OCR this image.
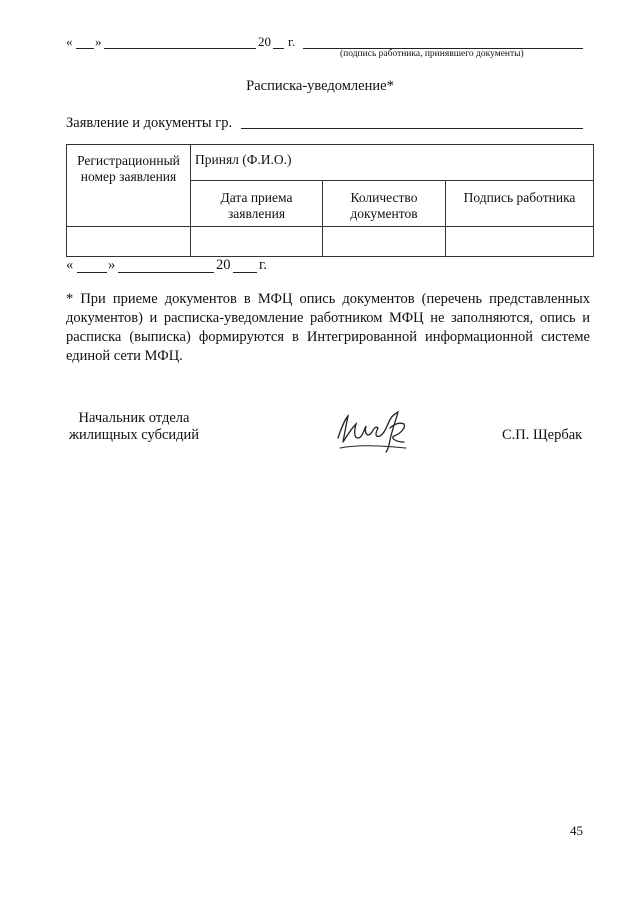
« »	20 г.
(подпись работника, принявшего документы)
Расписка-уведомление*
Заявление и документы гр.
Регистрационный номер заявления	Принял (Ф.И.О.)		
	Дата приема заявления	Количество документов	Подпись работника

« »	20 г.
* При приеме документов в МФЦ опись документов (перечень представленных документов) и расписка-уведомление работником МФЦ не заполняются, опись и расписка (выписка) формируются в Интегрированной информационной системе единой сети МФЦ.
Начальник отдела
жилищных субсидий	С.П. Щербак
45
